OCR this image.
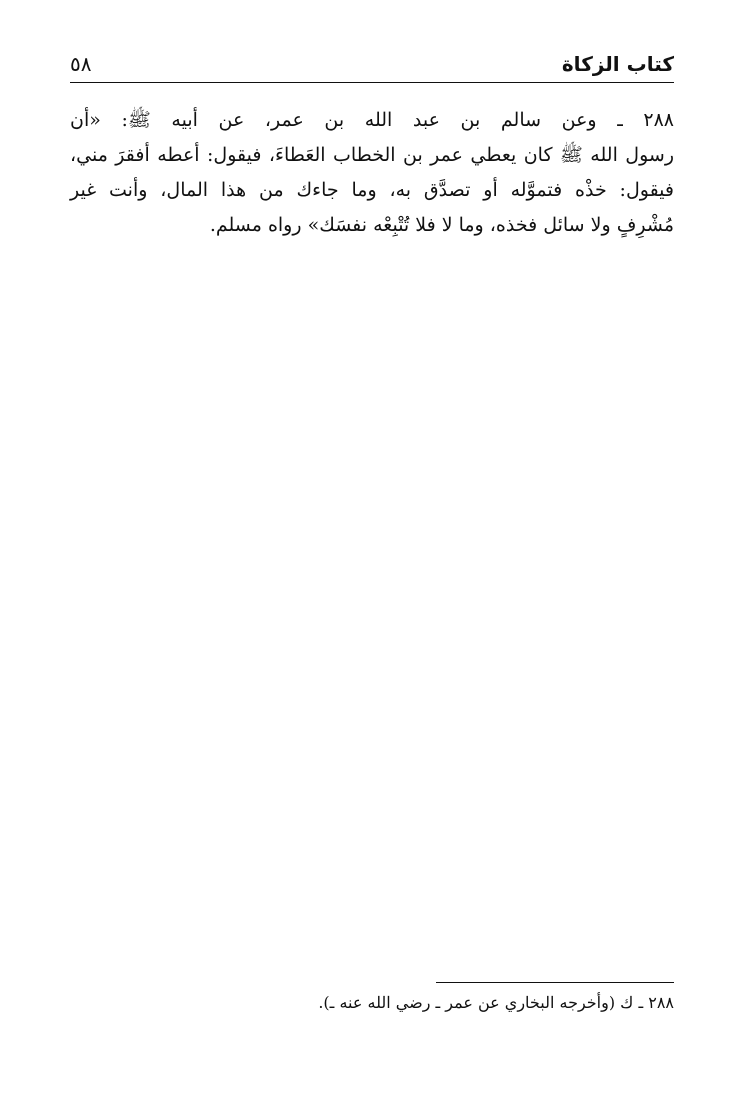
كتاب الزكاة
٥٨
٢٨٨ ـ وعن سالم بن عبد الله بن عمر، عن أبيه ﷺ: «أن
رسول الله ﷺ كان يعطي عمر بن الخطاب العَطاءَ، فيقول: أعطه أفقرَ مني،
فيقول: خذْه فتموَّله أو تصدَّق به، وما جاءك من هذا المال، وأنت غير
مُشْرِفٍ ولا سائل فخذه، وما لا فلا تُتْبِعْه نفسَك» رواه مسلم.
٢٨٨ ـ ك (وأخرجه البخاري عن عمر ـ رضي الله عنه ـ).
